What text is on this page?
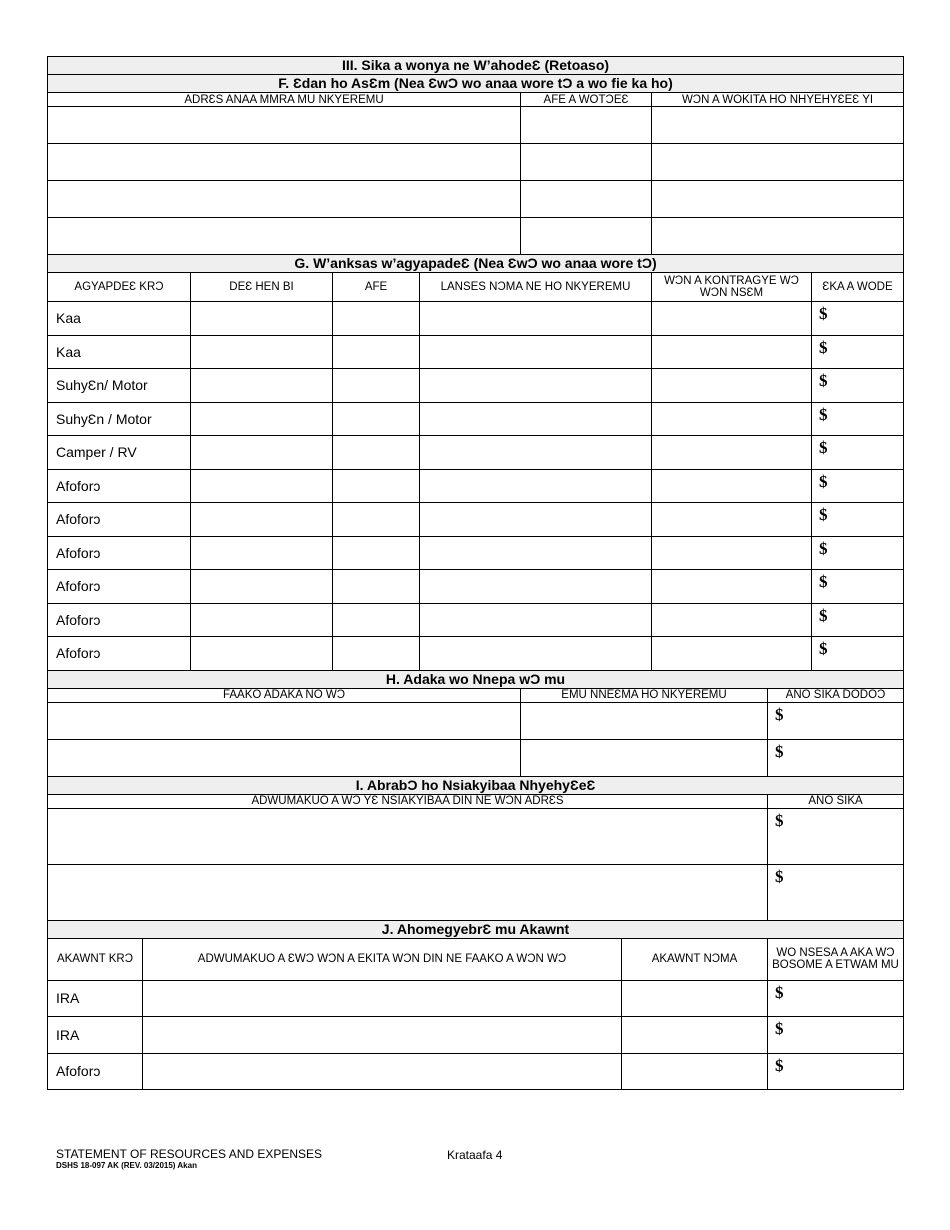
III. Sika a wonya ne W’ahodeƐ (Retoaso)		
F. Ɛdan ho AsƐm (Nea ƐwƆ wo anaa wore tƆ a wo fie ka ho)		
ADRƐS ANAA MMRA MU NKYEREMU	AFE A WOTƆEƐ	WƆN A WOKITA HO NHYEHYƐEƐ YI

G. W’anksas w’agyapadeƐ (Nea ƐwƆ wo anaa wore tƆ)					
AGYAPDEƐ KRƆ	DEƐ HEN BI	AFE	LANSES NƆMA NE HO NKYEREMU	WƆN A KONTRAGYE WƆ WƆN NSƐM	ƐKA A WODE
Kaa					$
Kaa					$
SuhyƐn/ Motor					$
SuhyƐn / Motor					$
Camper / RV					$
Afoforɔ					$
Afoforɔ					$
Afoforɔ					$
Afoforɔ					$
Afoforɔ					$
Afoforɔ					$
H. Adaka wo Nnepa wƆ mu		
FAAKO ADAKA NO WƆ	EMU NNEƐMA HO NKYEREMU	ANO SIKA DODOƆ
		$
		$
I. AbrabƆ ho Nsiakyibaa NhyehyƐeƐ	
ADWUMAKUO A WƆ YƐ NSIAKYIBAA DIN NE WƆN ADRƐS	ANO SIKA
	$
	$
J. AhomegyebrƐ mu Akawnt			
AKAWNT KRƆ	ADWUMAKUO A ƐWƆ WƆN A EKITA WƆN DIN NE FAAKO A WƆN WƆ	AKAWNT NƆMA	WO NSESA A AKA WƆ BOSOME A ETWAM MU
IRA			$
IRA			$
Afoforɔ			$
STATEMENT OF RESOURCES AND EXPENSES
DSHS 18-097 AK (REV. 03/2015) Akan
Krataafa 4
